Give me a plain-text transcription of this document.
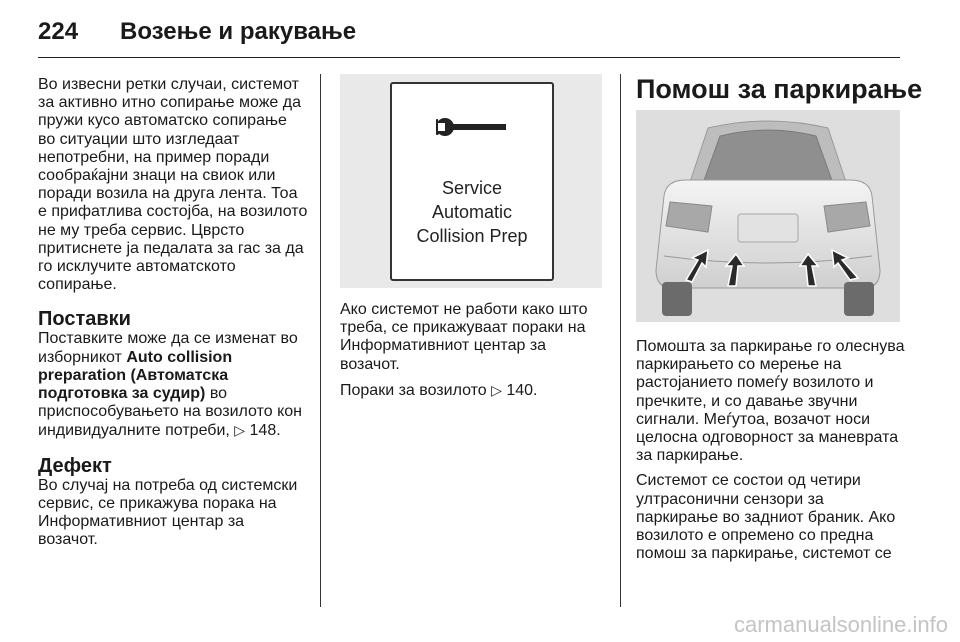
224 Возење и ракување

Во извесни ретки случаи, системот за активно итно сопирање може да пружи кусо автоматско сопирање во ситуации што изгледаат непотребни, на пример поради сообраќајни знаци на свиок или поради возила на друга лента. Тоа е прифатлива состојба, на возилото не му треба сервис. Цврсто притиснете ја педалата за гас за да го исклучите автоматското сопирање.

Поставки

Поставките може да се изменат во изборникот Auto collision preparation (Автоматска подготовка за судир) во приспособувањето на возилото кон индивидуалните потреби, ▷ 148.

Дефект

Во случај на потреба од системски сервис, се прикажува порака на Информативниот центар за возачот.

Service
Automatic
Collision Prep

Ако системот не работи како што треба, се прикажуваат пораки на Информативниот центар за возачот.

Пораки за возилото ▷ 140.

Помош за паркирање

Помошта за паркирање го олеснува паркирањето со мерење на растојанието помеѓу возилото и пречките, и со давање звучни сигнали. Меѓутоа, возачот носи целосна одговорност за маневрата за паркирање.

Системот се состои од четири ултрасонични сензори за паркирање во задниот браник. Ако возилото е опремено со предна помош за паркирање, системот се

carmanualsonline.info
